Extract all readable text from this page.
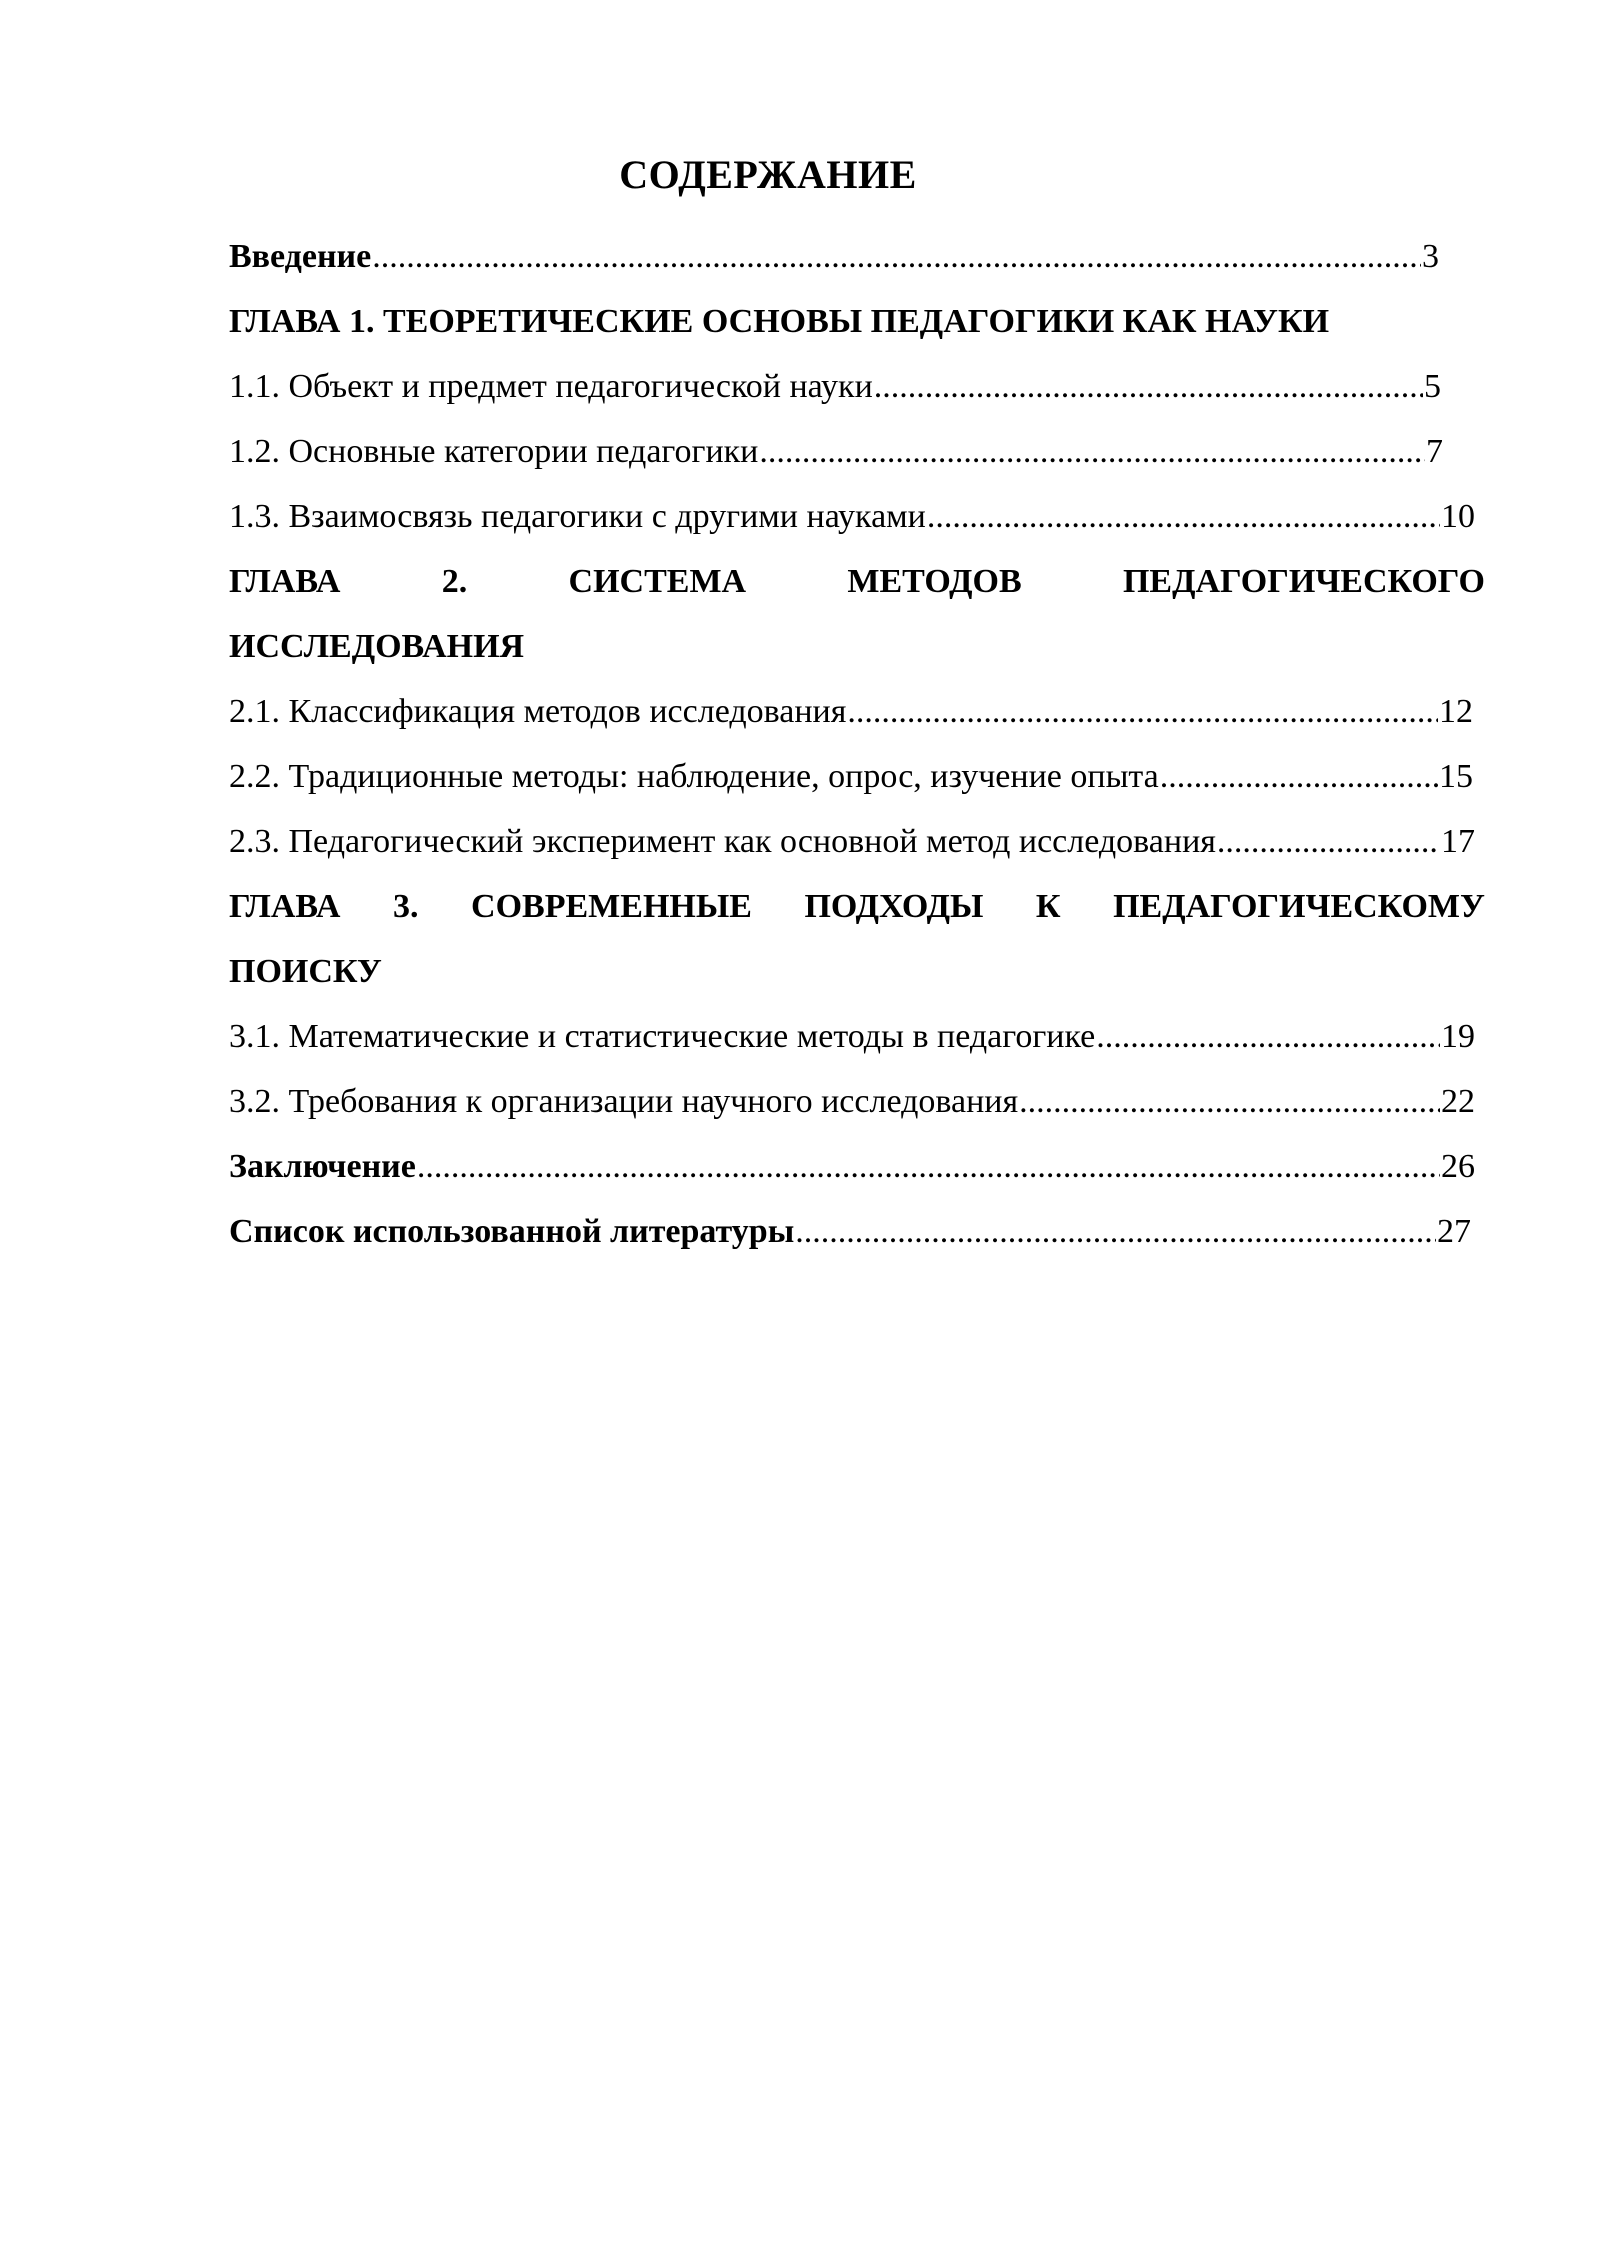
СОДЕРЖАНИЕ
Введение .....	3
ГЛАВА 1. ТЕОРЕТИЧЕСКИЕ ОСНОВЫ ПЕДАГОГИКИ КАК НАУКИ
1.1. Объект и предмет педагогической науки .....	5
1.2. Основные категории педагогики .....	7
1.3. Взаимосвязь педагогики с другими науками .....	10
ГЛАВА	2.	СИСТЕМА	МЕТОДОВ	ПЕДАГОГИЧЕСКОГО
ИССЛЕДОВАНИЯ
2.1. Классификация методов исследования .....	12
2.2. Традиционные методы: наблюдение, опрос, изучение опыта .....	15
2.3. Педагогический эксперимент как основной метод исследования .....	17
ГЛАВА 3. СОВРЕМЕННЫЕ ПОДХОДЫ К ПЕДАГОГИЧЕСКОМУ
ПОИСКУ
3.1. Математические и статистические методы в педагогике .....	19
3.2. Требования к организации научного исследования .....	22
Заключение .....	26
Список использованной литературы .....	27
